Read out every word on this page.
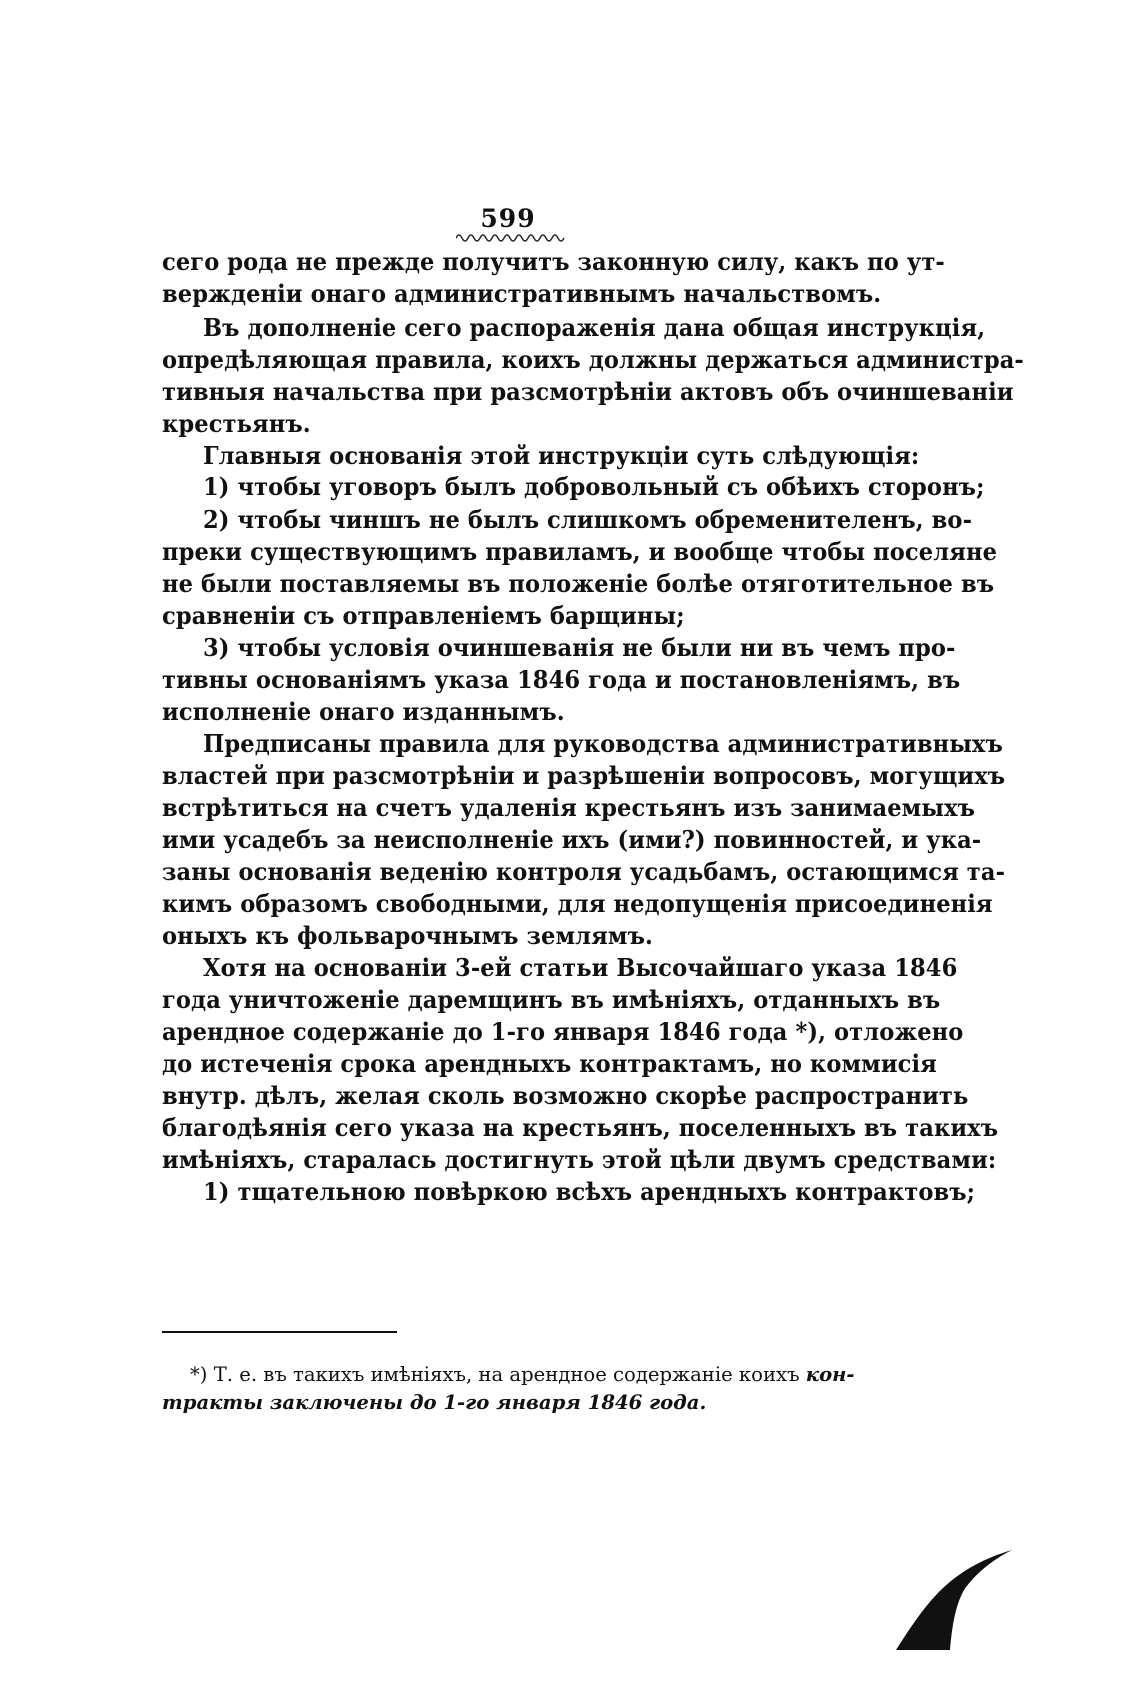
599
сего рода не прежде получитъ законную силу, какъ по ут-
вержденіи онаго административнымъ начальствомъ.
Въ дополненіе сего распораженія дана общая инструкція,
опредѣляющая правила, коихъ должны держаться администра-
тивныя начальства при разсмотрѣніи актовъ объ очиншеваніи
крестьянъ.
Главныя основанія этой инструкціи суть слѣдующія:
1) чтобы уговоръ былъ добровольный съ обѣихъ сторонъ;
2) чтобы чиншъ не былъ слишкомъ обременителенъ, во-
преки существующимъ правиламъ, и вообще чтобы поселяне
не были поставляемы въ положеніе болѣе отяготительное въ
сравненіи съ отправленіемъ барщины;
3) чтобы условія очиншеванія не были ни въ чемъ про-
тивны основаніямъ указа 1846 года и постановленіямъ, въ
исполненіе онаго изданнымъ.
Предписаны правила для руководства административныхъ
властей при разсмотрѣніи и разрѣшеніи вопросовъ, могущихъ
встрѣтиться на счетъ удаленія крестьянъ изъ занимаемыхъ
ими усадебъ за неисполненіе ихъ (ими?) повинностей, и ука-
заны основанія веденію контроля усадьбамъ, остающимся та-
кимъ образомъ свободными, для недопущенія присоединенія
оныхъ къ фольварочнымъ землямъ.
Хотя на основаніи 3-ей статьи Высочайшаго указа 1846
года уничтоженіе даремщинъ въ имѣніяхъ, отданныхъ въ
арендное содержаніе до 1-го января 1846 года *), отложено
до истеченія срока арендныхъ контрактамъ, но коммисія
внутр. дѣлъ, желая сколь возможно скорѣе распространить
благодѣянія сего указа на крестьянъ, поселенныхъ въ такихъ
имѣніяхъ, старалась достигнуть этой цѣли двумъ средствами:
1) тщательною повѣркою всѣхъ арендныхъ контрактовъ;
*) Т. е. въ такихъ имѣніяхъ, на арендное содержаніе коихъ кон-
тракты заключены до 1-го января 1846 года.
